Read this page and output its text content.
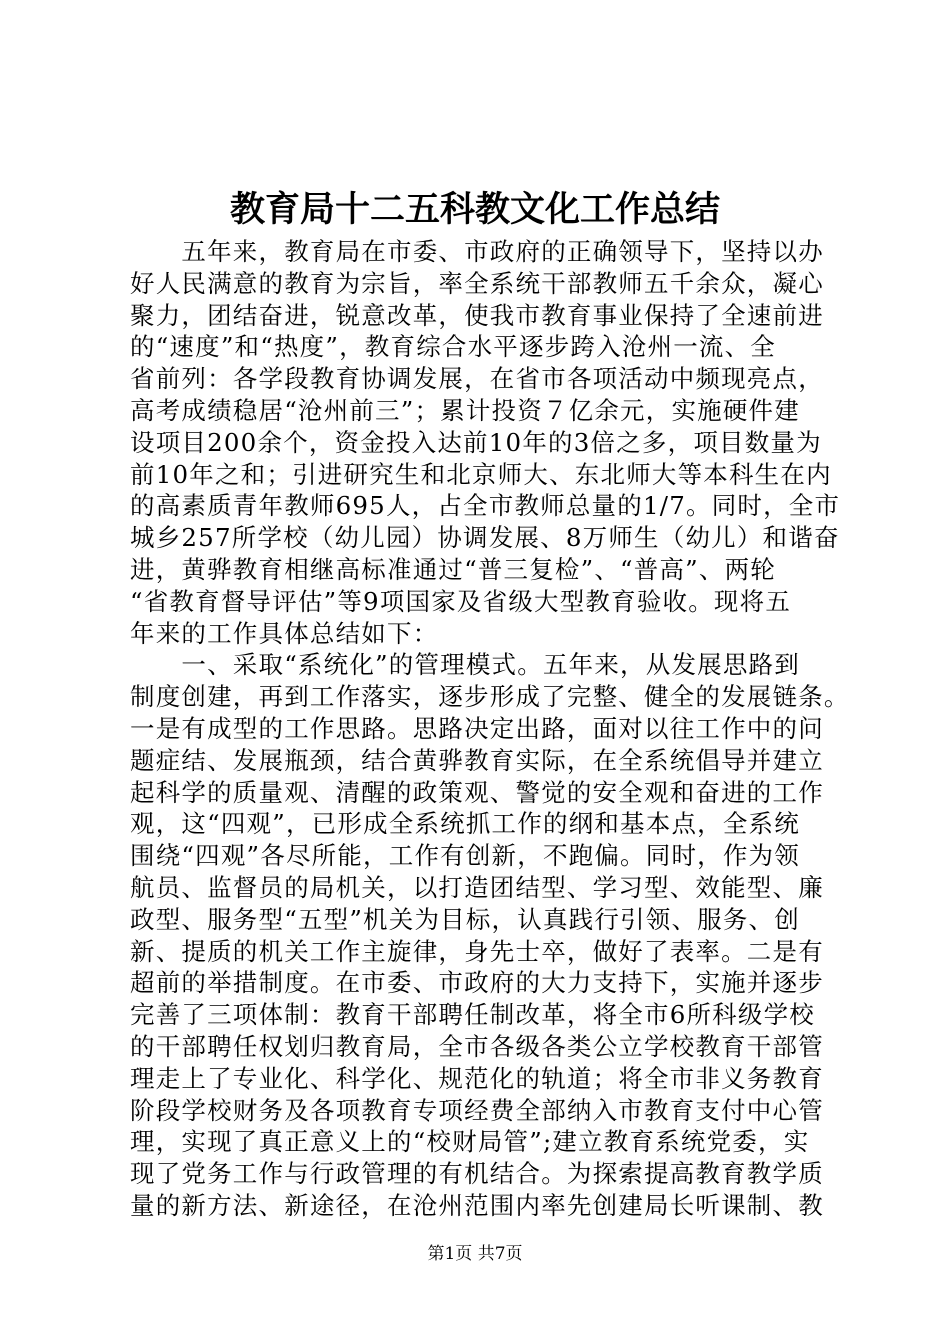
教育局十二五科教文化工作总结
　　五年来，教育局在市委、市政府的正确领导下，坚持以办
好人民满意的教育为宗旨，率全系统干部教师五千余众，凝心
聚力，团结奋进，锐意改革，使我市教育事业保持了全速前进
的“速度”和“热度”，教育综合水平逐步跨入沧州一流、全
省前列：各学段教育协调发展，在省市各项活动中频现亮点，
高考成绩稳居“沧州前三”；累计投资７亿余元，实施硬件建
设项目200余个，资金投入达前10年的3倍之多，项目数量为
前10年之和；引进研究生和北京师大、东北师大等本科生在内
的高素质青年教师695人，占全市教师总量的1/7。同时，全市
城乡257所学校（幼儿园）协调发展、8万师生（幼儿）和谐奋
进，黄骅教育相继高标准通过“普三复检”、“普高”、两轮
“省教育督导评估”等9项国家及省级大型教育验收。现将五
年来的工作具体总结如下：
　　一、采取“系统化”的管理模式。五年来，从发展思路到
制度创建，再到工作落实，逐步形成了完整、健全的发展链条。
一是有成型的工作思路。思路决定出路，面对以往工作中的问
题症结、发展瓶颈，结合黄骅教育实际，在全系统倡导并建立
起科学的质量观、清醒的政策观、警觉的安全观和奋进的工作
观，这“四观”，已形成全系统抓工作的纲和基本点，全系统
围绕“四观”各尽所能，工作有创新，不跑偏。同时，作为领
航员、监督员的局机关，以打造团结型、学习型、效能型、廉
政型、服务型“五型”机关为目标，认真践行引领、服务、创
新、提质的机关工作主旋律，身先士卒，做好了表率。二是有
超前的举措制度。在市委、市政府的大力支持下，实施并逐步
完善了三项体制：教育干部聘任制改革，将全市6所科级学校
的干部聘任权划归教育局，全市各级各类公立学校教育干部管
理走上了专业化、科学化、规范化的轨道；将全市非义务教育
阶段学校财务及各项教育专项经费全部纳入市教育支付中心管
理，实现了真正意义上的“校财局管”;建立教育系统党委，实
现了党务工作与行政管理的有机结合。为探索提高教育教学质
量的新方法、新途径，在沧州范围内率先创建局长听课制、教
第1页 共7页
